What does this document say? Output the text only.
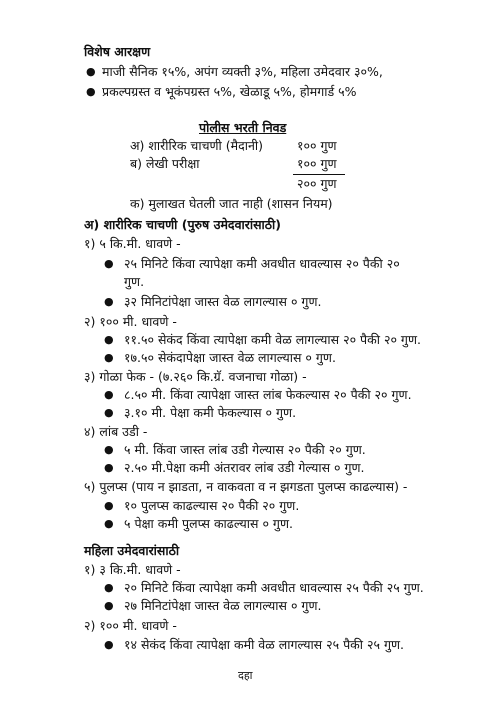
विशेष आरक्षण
● माजी सैनिक १५%, अपंग व्यक्ती ३%, महिला उमेदवार ३०%,
● प्रकल्पग्रस्त व भूकंपग्रस्त ५%, खेळाडू ५%, होमगार्ड ५%
पोलीस भरती निवड
अ) शारीरिक चाचणी (मैदानी)	१०० गुण
ब) लेखी परीक्षा	१०० गुण
२०० गुण
क) मुलाखत घेतली जात नाही (शासन नियम)
अ) शारीरिक चाचणी (पुरुष उमेदवारांसाठी)
१) ५ कि.मी. धावणे -
● २५ मिनिटे किंवा त्यापेक्षा कमी अवधीत धावल्यास २० पैकी २०
गुण.
● ३२ मिनिटांपेक्षा जास्त वेळ लागल्यास ० गुण.
२) १०० मी. धावणे -
● ११.५० सेकंद किंवा त्यापेक्षा कमी वेळ लागल्यास २० पैकी २० गुण.
● १७.५० सेकंदापेक्षा जास्त वेळ लागल्यास ० गुण.
३) गोळा फेक - (७.२६० कि.ग्रॅ. वजनाचा गोळा) -
● ८.५० मी. किंवा त्यापेक्षा जास्त लांब फेकल्यास २० पैकी २० गुण.
● ३.१० मी. पेक्षा कमी फेकल्यास ० गुण.
४) लांब उडी -
● ५ मी. किंवा जास्त लांब उडी गेल्यास २० पैकी २० गुण.
● २.५० मी.पेक्षा कमी अंतरावर लांब उडी गेल्यास ० गुण.
५) पुलप्स (पाय न झाडता, न वाकवता व न झगडता पुलप्स काढल्यास) -
● १० पुलप्स काढल्यास २० पैकी २० गुण.
● ५ पेक्षा कमी पुलप्स काढल्यास ० गुण.
महिला उमेदवारांसाठी
१) ३ कि.मी. धावणे -
● २० मिनिटे किंवा त्यापेक्षा कमी अवधीत धावल्यास २५ पैकी २५ गुण.
● २७ मिनिटांपेक्षा जास्त वेळ लागल्यास ० गुण.
२) १०० मी. धावणे -
● १४ सेकंद किंवा त्यापेक्षा कमी वेळ लागल्यास २५ पैकी २५ गुण.
दहा
